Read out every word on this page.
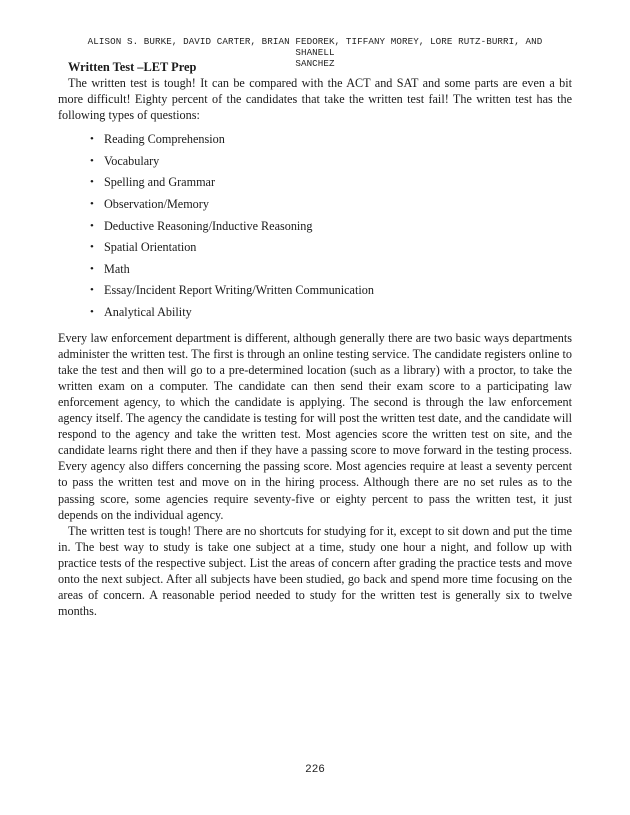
ALISON S. BURKE, DAVID CARTER, BRIAN FEDOREK, TIFFANY MOREY, LORE RUTZ-BURRI, AND SHANELL
SANCHEZ
Written Test –LET Prep

The written test is tough! It can be compared with the ACT and SAT and some parts are even a bit more difficult! Eighty percent of the candidates that take the written test fail! The written test has the following types of questions:

• Reading Comprehension
• Vocabulary
• Spelling and Grammar
• Observation/Memory
• Deductive Reasoning/Inductive Reasoning
• Spatial Orientation
• Math
• Essay/Incident Report Writing/Written Communication
• Analytical Ability

Every law enforcement department is different, although generally there are two basic ways departments administer the written test. The first is through an online testing service. The candidate registers online to take the test and then will go to a pre-determined location (such as a library) with a proctor, to take the written exam on a computer. The candidate can then send their exam score to a participating law enforcement agency, to which the candidate is applying. The second is through the law enforcement agency itself. The agency the candidate is testing for will post the written test date, and the candidate will respond to the agency and take the written test. Most agencies score the written test on site, and the candidate learns right there and then if they have a passing score to move forward in the testing process. Every agency also differs concerning the passing score. Most agencies require at least a seventy percent to pass the written test and move on in the hiring process. Although there are no set rules as to the passing score, some agencies require seventy-five or eighty percent to pass the written test, it just depends on the individual agency.

The written test is tough! There are no shortcuts for studying for it, except to sit down and put the time in. The best way to study is take one subject at a time, study one hour a night, and follow up with practice tests of the respective subject. List the areas of concern after grading the practice tests and move onto the next subject. After all subjects have been studied, go back and spend more time focusing on the areas of concern. A reasonable period needed to study for the written test is generally six to twelve months.

226
